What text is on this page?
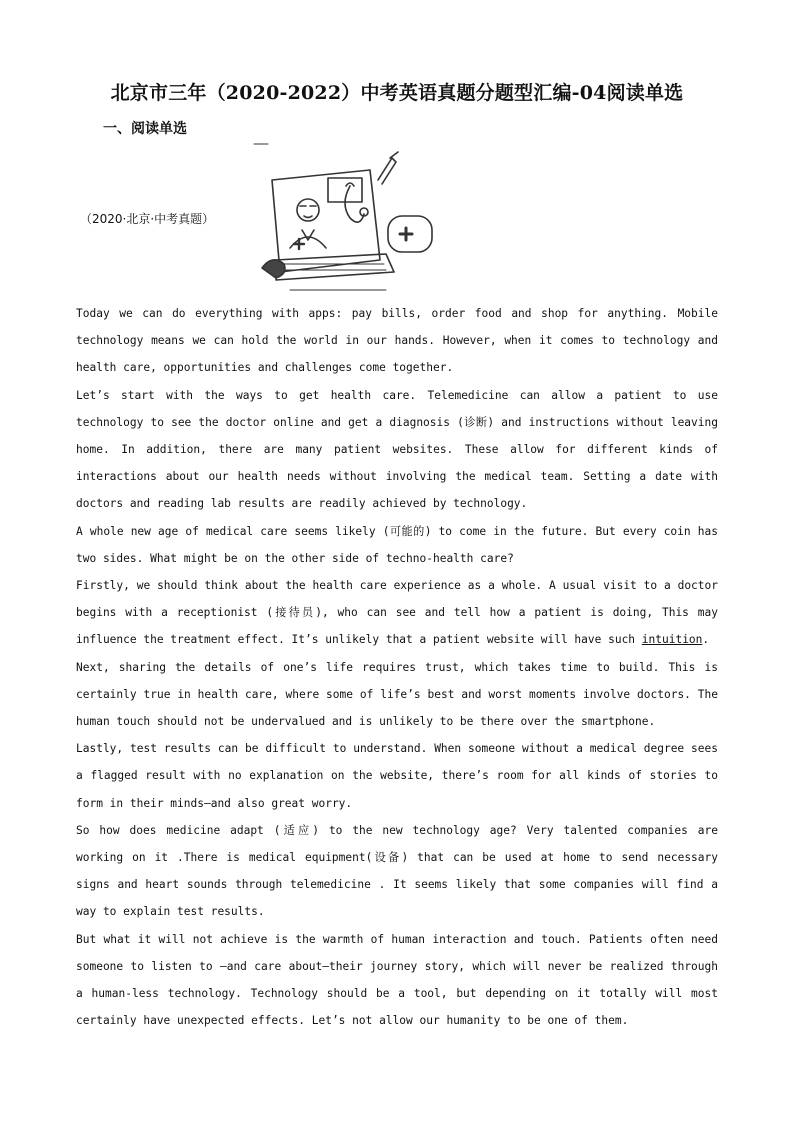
北京市三年（2020-2022）中考英语真题分题型汇编-04阅读单选
一、阅读单选
（2020·北京·中考真题）

Today we can do everything with apps: pay bills, order food and shop for anything. Mobile technology means we can hold the world in our hands. However, when it comes to technology and health care, opportunities and challenges come together.

Let’s start with the ways to get health care. Telemedicine can allow a patient to use technology to see the doctor online and get a diagnosis (诊断) and instructions without leaving home. In addition, there are many patient websites. These allow for different kinds of interactions about our health needs without involving the medical team. Setting a date with doctors and reading lab results are readily achieved by technology.

A whole new age of medical care seems likely (可能的) to come in the future. But every coin has two sides. What might be on the other side of techno-health care?

Firstly, we should think about the health care experience as a whole. A usual visit to a doctor begins with a receptionist (接待员), who can see and tell how a patient is doing, This may influence the treatment effect. It’s unlikely that a patient website will have such intuition.

Next, sharing the details of one’s life requires trust, which takes time to build. This is certainly true in health care, where some of life’s best and worst moments involve doctors. The human touch should not be undervalued and is unlikely to be there over the smartphone.

Lastly, test results can be difficult to understand. When someone without a medical degree sees a flagged result with no explanation on the website, there’s room for all kinds of stories to form in their minds—and also great worry.

So how does medicine adapt (适应) to the new technology age? Very talented companies are working on it .There is medical equipment(设备) that can be used at home to send necessary signs and heart sounds through telemedicine . It seems likely that some companies will find a way to explain test results.

But what it will not achieve is the warmth of human interaction and touch. Patients often need someone to listen to —and care about—their journey story, which will never be realized through a human-less technology. Technology should be a tool, but depending on it totally will most certainly have unexpected effects. Let’s not allow our humanity to be one of them.
